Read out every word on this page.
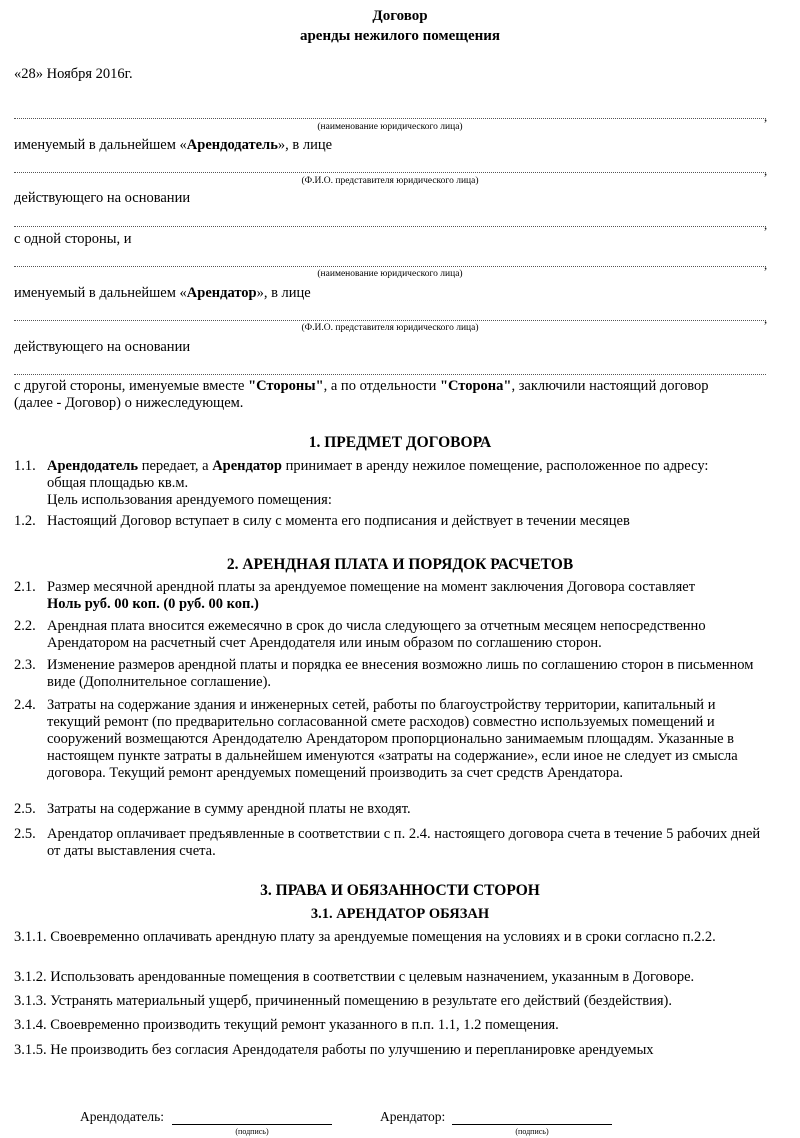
Договор
аренды нежилого помещения
«28» Ноября 2016г.
,
(наименование юридического лица)
именуемый в дальнейшем «Арендодатель», в лице
,
(Ф.И.О. представителя юридического лица)
действующего на основании
,
с одной стороны, и
,
(наименование юридического лица)
именуемый в дальнейшем «Арендатор», в лице
,
(Ф.И.О. представителя юридического лица)
действующего на основании
с другой стороны, именуемые вместе "Стороны", а по отдельности "Сторона", заключили настоящий договор
(далее - Договор) о нижеследующем.
1. ПРЕДМЕТ ДОГОВОРА
1.1. Арендодатель передает, а Арендатор принимает в аренду нежилое помещение, расположенное по адресу:
общая площадью кв.м.
Цель использования арендуемого помещения:
1.2. Настоящий Договор вступает в силу с момента его подписания и действует в течении месяцев
2. АРЕНДНАЯ ПЛАТА И ПОРЯДОК РАСЧЕТОВ
2.1. Размер месячной арендной платы за арендуемое помещение на момент заключения Договора составляет
Ноль руб. 00 коп. (0 руб. 00 коп.)
2.2. Арендная плата вносится ежемесячно в срок до числа следующего за отчетным месяцем непосредственно Арендатором на расчетный счет Арендодателя или иным образом по соглашению сторон.
2.3. Изменение размеров арендной платы и порядка ее внесения возможно лишь по соглашению сторон в письменном виде (Дополнительное соглашение).
2.4. Затраты на содержание здания и инженерных сетей, работы по благоустройству территории, капитальный и текущий ремонт (по предварительно согласованной смете расходов) совместно используемых помещений и сооружений возмещаются Арендодателю Арендатором пропорционально занимаемым площадям. Указанные в настоящем пункте затраты в дальнейшем именуются «затраты на содержание», если иное не следует из смысла договора. Текущий ремонт арендуемых помещений производить за счет средств Арендатора.
2.5. Затраты на содержание в сумму арендной платы не входят.
2.5. Арендатор оплачивает предъявленные в соответствии с п. 2.4. настоящего договора счета в течение 5 рабочих дней от даты выставления счета.
3. ПРАВА И ОБЯЗАННОСТИ СТОРОН
3.1. АРЕНДАТОР ОБЯЗАН
3.1.1. Своевременно оплачивать арендную плату за арендуемые помещения на условиях и в сроки согласно п.2.2.
3.1.2. Использовать арендованные помещения в соответствии с целевым назначением, указанным в Договоре.
3.1.3. Устранять материальный ущерб, причиненный помещению в результате его действий (бездействия).
3.1.4. Своевременно производить текущий ремонт указанного в п.п. 1.1, 1.2 помещения.
3.1.5. Не производить без согласия Арендодателя работы по улучшению и перепланировке арендуемых
Арендодатель:
(подпись)
Арендатор:
(подпись)
